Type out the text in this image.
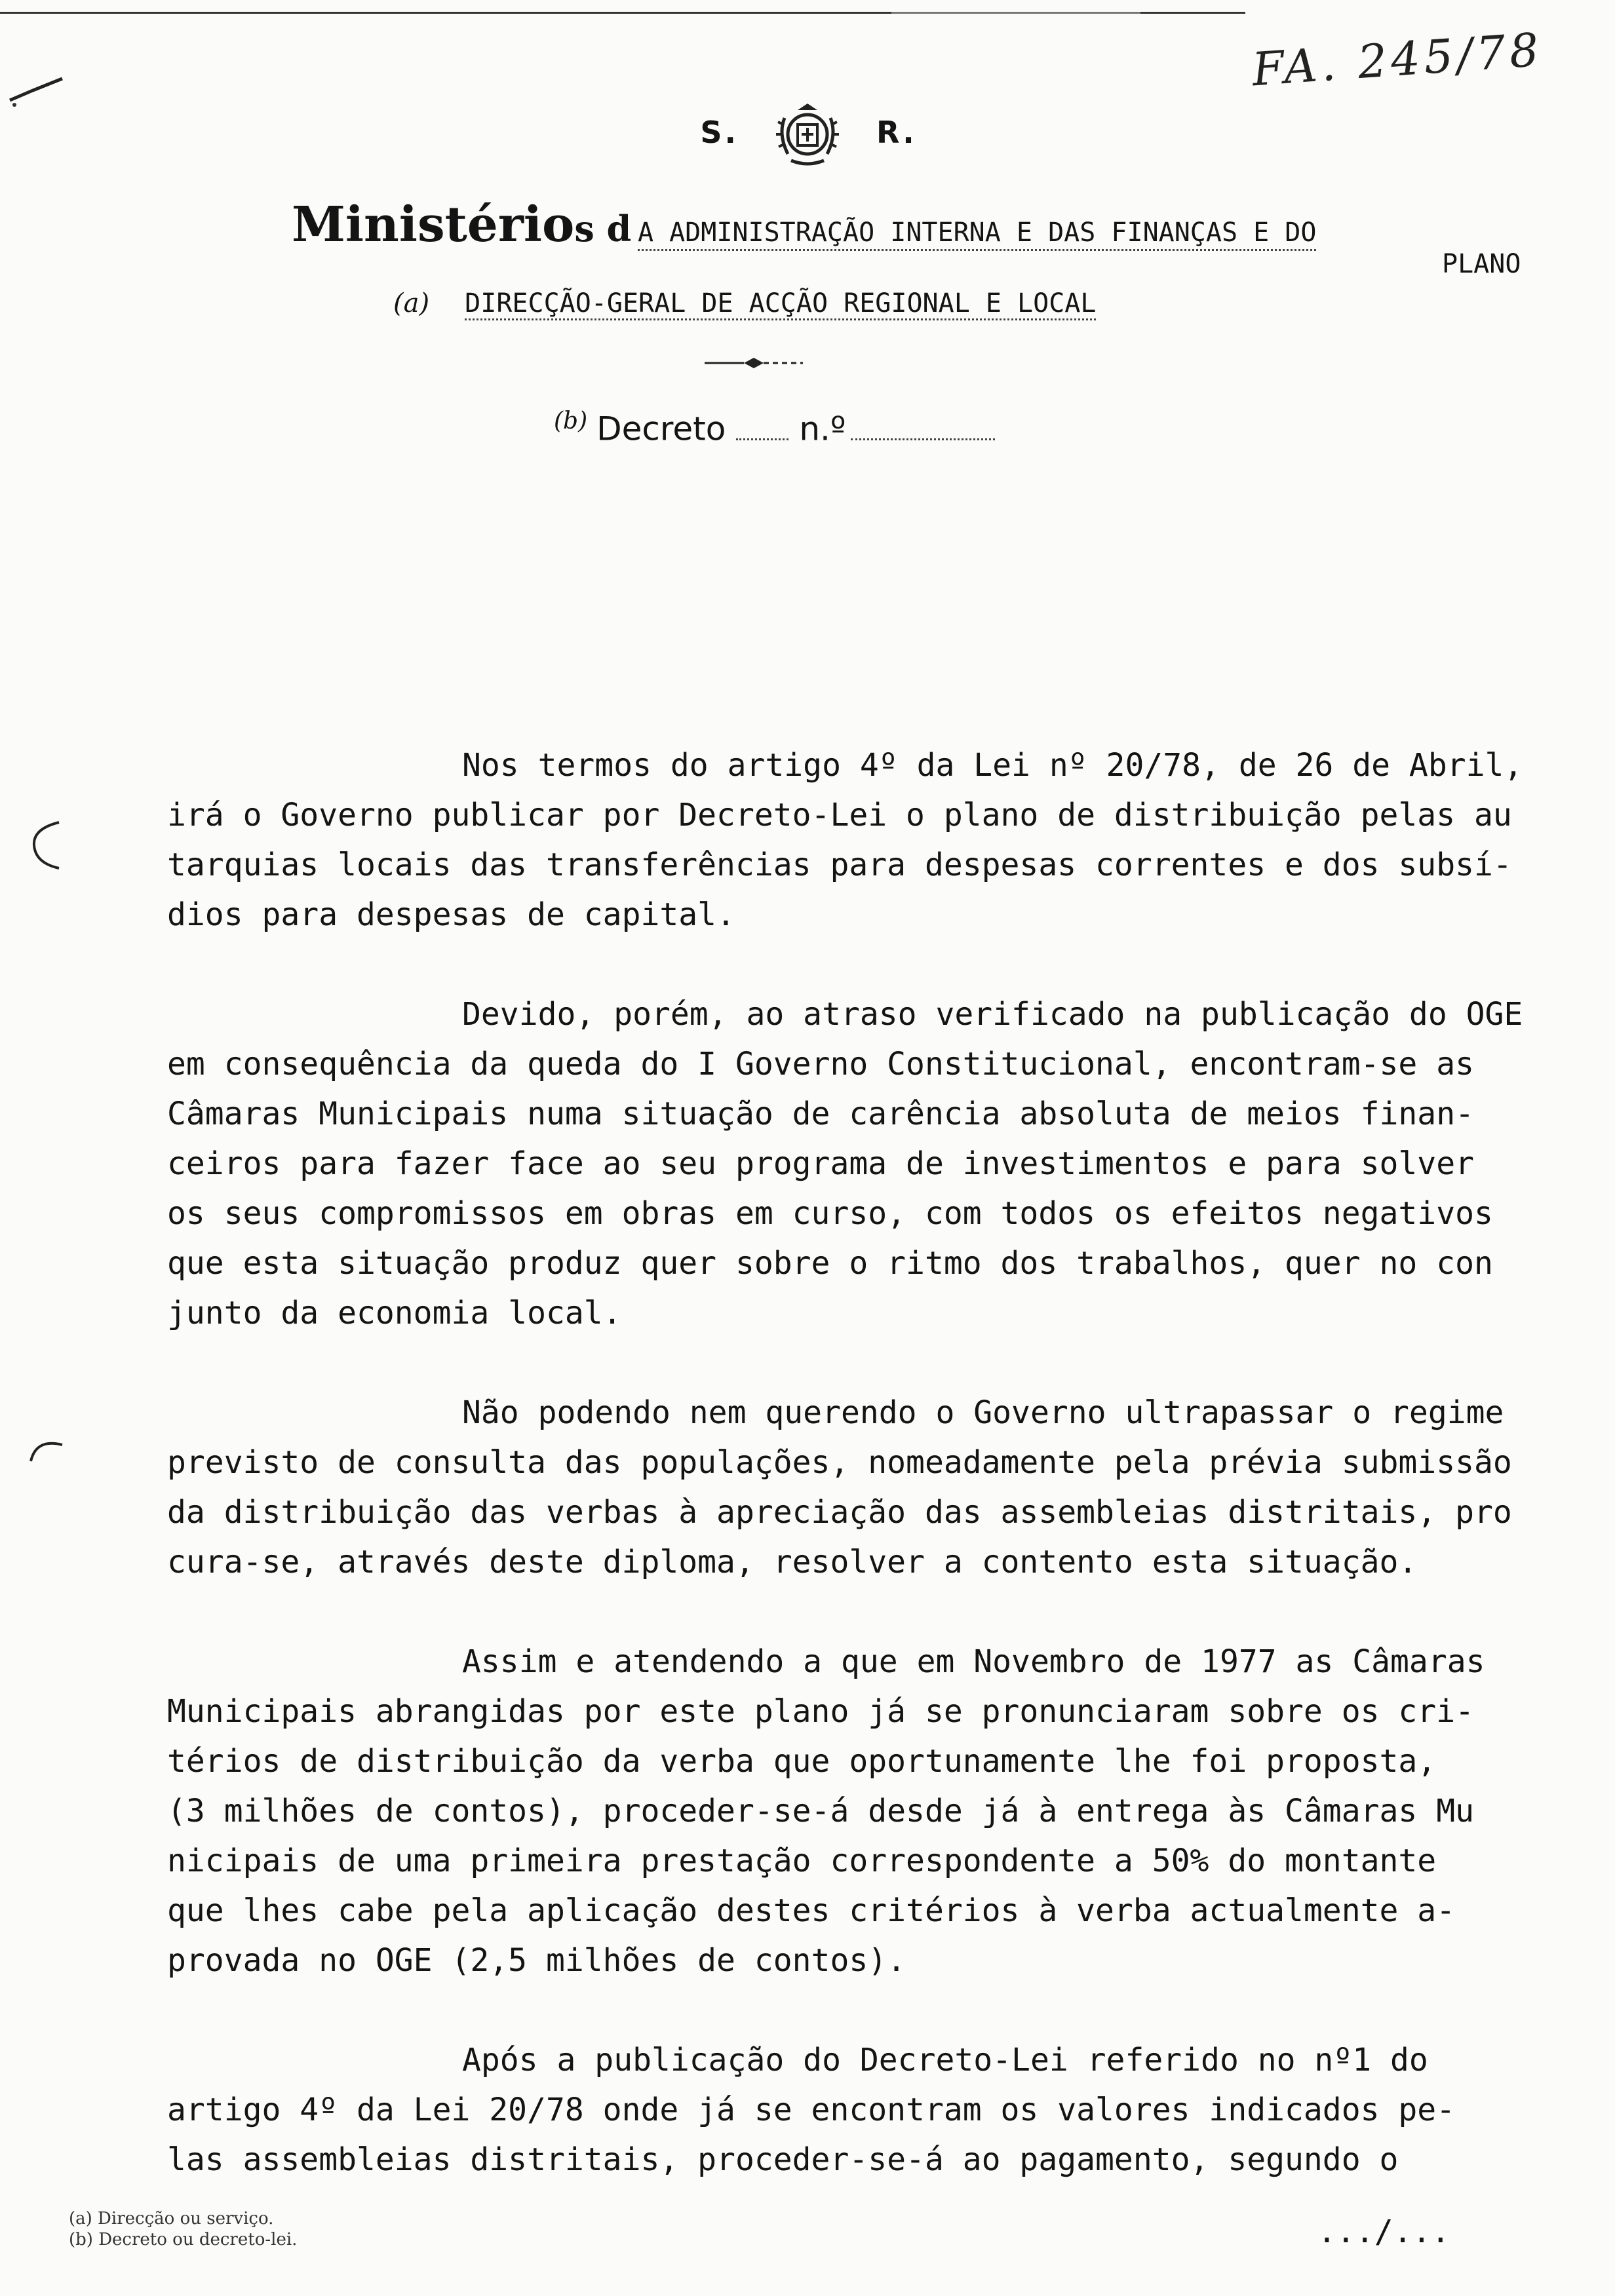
FA. 245/78
S.	R.
Ministérios d A ADMINISTRAÇÃO INTERNA E DAS FINANÇAS E DO
PLANO
(a) DIRECÇÃO-GERAL DE ACÇÃO REGIONAL E LOCAL
$^{(b)}$ Decreto n.º

Nos termos do artigo 4º da Lei nº 20/78, de 26 de Abril,
irá o Governo publicar por Decreto-Lei o plano de distribuição pelas au
tarquias locais das transferências para despesas correntes e dos subsí-
dios para despesas de capital.

Devido, porém, ao atraso verificado na publicação do OGE
em consequência da queda do I Governo Constitucional, encontram-se as
Câmaras Municipais numa situação de carência absoluta de meios finan-
ceiros para fazer face ao seu programa de investimentos e para solver
os seus compromissos em obras em curso, com todos os efeitos negativos
que esta situação produz quer sobre o ritmo dos trabalhos, quer no con
junto da economia local.

Não podendo nem querendo o Governo ultrapassar o regime
previsto de consulta das populações, nomeadamente pela prévia submissão
da distribuição das verbas à apreciação das assembleias distritais, pro
cura-se, através deste diploma, resolver a contento esta situação.

Assim e atendendo a que em Novembro de 1977 as Câmaras
Municipais abrangidas por este plano já se pronunciaram sobre os cri-
térios de distribuição da verba que oportunamente lhe foi proposta,
(3 milhões de contos), proceder-se-á desde já à entrega às Câmaras Mu
nicipais de uma primeira prestação correspondente a 50% do montante
que lhes cabe pela aplicação destes critérios à verba actualmente a-
provada no OGE (2,5 milhões de contos).

Após a publicação do Decreto-Lei referido no nº1 do
artigo 4º da Lei 20/78 onde já se encontram os valores indicados pe-
las assembleias distritais, proceder-se-á ao pagamento, segundo o

(a) Direcção ou serviço.
(b) Decreto ou decreto-lei.	.../...
